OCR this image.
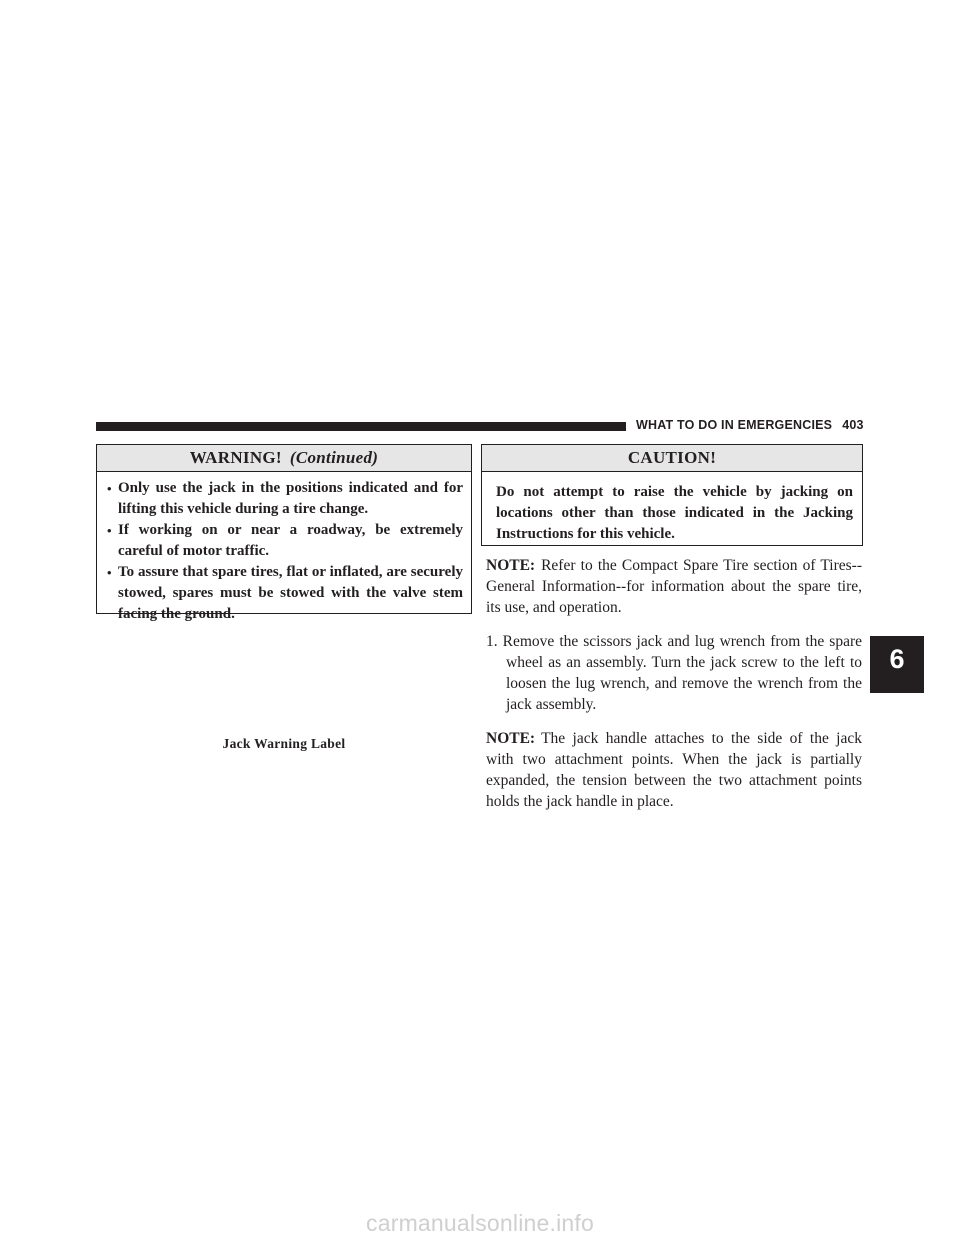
WHAT TO DO IN EMERGENCIES 403
WARNING! (Continued)
• Only use the jack in the positions indicated and for lifting this vehicle during a tire change.
• If working on or near a roadway, be extremely careful of motor traffic.
• To assure that spare tires, flat or inflated, are securely stowed, spares must be stowed with the valve stem facing the ground.
Jack Warning Label
CAUTION!
Do not attempt to raise the vehicle by jacking on locations other than those indicated in the Jacking Instructions for this vehicle.

NOTE: Refer to the Compact Spare Tire section of Tires--General Information--for information about the spare tire, its use, and operation.

1. Remove the scissors jack and lug wrench from the spare wheel as an assembly. Turn the jack screw to the left to loosen the lug wrench, and remove the wrench from the jack assembly.

NOTE: The jack handle attaches to the side of the jack with two attachment points. When the jack is partially expanded, the tension between the two attachment points holds the jack handle in place.

6
carmanualsonline.info
